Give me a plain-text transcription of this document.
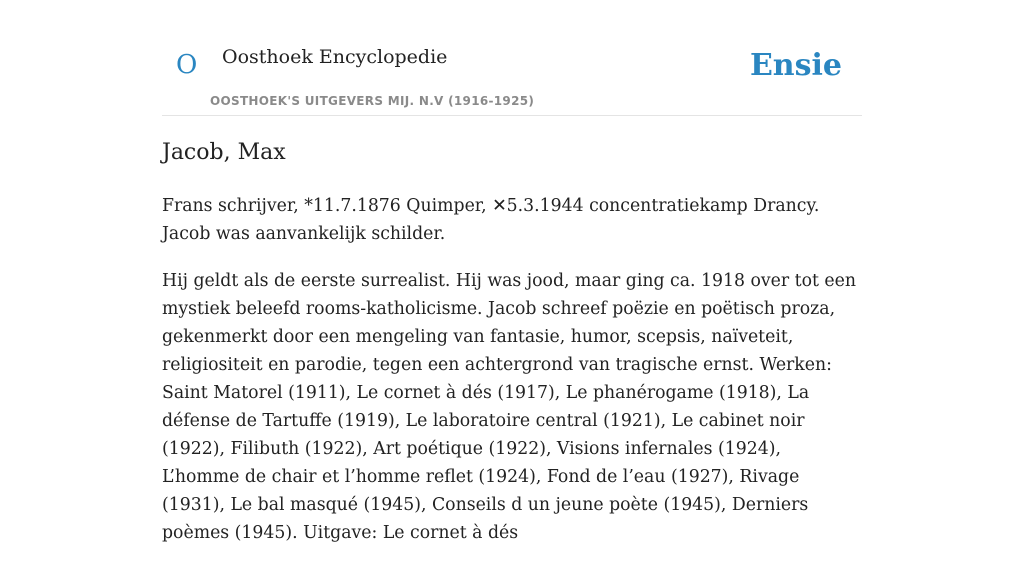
O Oosthoek Encyclopedie
OOSTHOEK'S UITGEVERS MIJ. N.V (1916-1925)
Ensie
Jacob, Max

Frans schrijver, *11.7.1876 Quimper, ✕5.3.1944 concentratiekamp Drancy. Jacob was aanvankelijk schilder.

Hij geldt als de eerste surrealist. Hij was jood, maar ging ca. 1918 over tot een mystiek beleefd rooms-katholicisme. Jacob schreef poëzie en poëtisch proza, gekenmerkt door een mengeling van fantasie, humor, scepsis, naïveteit, religiositeit en parodie, tegen een achtergrond van tragische ernst. Werken: Saint Matorel (1911), Le cornet à dés (1917), Le phanérogame (1918), La défense de Tartuffe (1919), Le laboratoire central (1921), Le cabinet noir (1922), Filibuth (1922), Art poétique (1922), Visions infernales (1924), L’homme de chair et l’homme reflet (1924), Fond de l’eau (1927), Rivage (1931), Le bal masqué (1945), Conseils d un jeune poète (1945), Derniers poèmes (1945). Uitgave: Le cornet à dés
